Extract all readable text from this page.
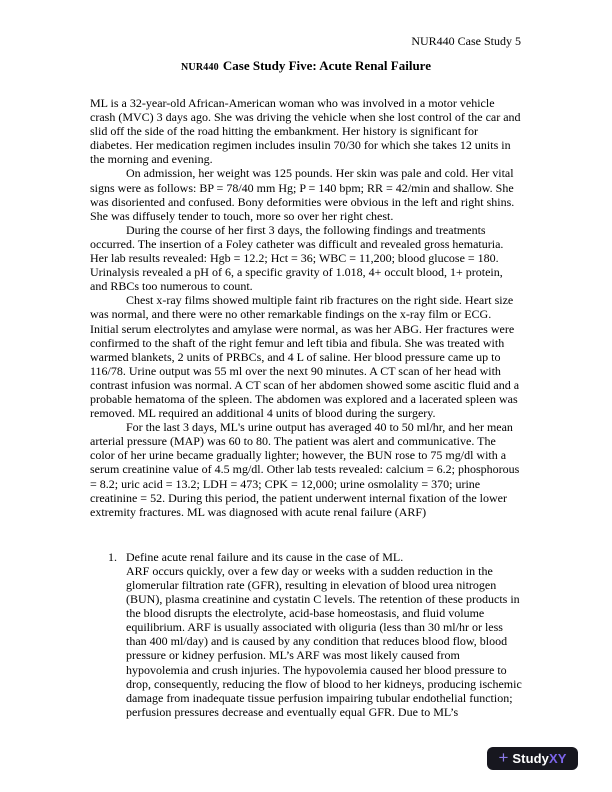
NUR440 Case Study 5
NUR440 Case Study Five: Acute Renal Failure

ML is a 32-year-old African-American woman who was involved in a motor vehicle crash (MVC) 3 days ago. She was driving the vehicle when she lost control of the car and slid off the side of the road hitting the embankment. Her history is significant for diabetes. Her medication regimen includes insulin 70/30 for which she takes 12 units in the morning and evening.

On admission, her weight was 125 pounds. Her skin was pale and cold. Her vital signs were as follows: BP = 78/40 mm Hg; P = 140 bpm; RR = 42/min and shallow. She was disoriented and confused. Bony deformities were obvious in the left and right shins. She was diffusely tender to touch, more so over her right chest.

During the course of her first 3 days, the following findings and treatments occurred. The insertion of a Foley catheter was difficult and revealed gross hematuria. Her lab results revealed: Hgb = 12.2; Hct = 36; WBC = 11,200; blood glucose = 180. Urinalysis revealed a pH of 6, a specific gravity of 1.018, 4+ occult blood, 1+ protein, and RBCs too numerous to count.

Chest x-ray films showed multiple faint rib fractures on the right side. Heart size was normal, and there were no other remarkable findings on the x-ray film or ECG. Initial serum electrolytes and amylase were normal, as was her ABG. Her fractures were confirmed to the shaft of the right femur and left tibia and fibula. She was treated with warmed blankets, 2 units of PRBCs, and 4 L of saline. Her blood pressure came up to 116/78. Urine output was 55 ml over the next 90 minutes. A CT scan of her head with contrast infusion was normal. A CT scan of her abdomen showed some ascitic fluid and a probable hematoma of the spleen. The abdomen was explored and a lacerated spleen was removed. ML required an additional 4 units of blood during the surgery.

For the last 3 days, ML's urine output has averaged 40 to 50 ml/hr, and her mean arterial pressure (MAP) was 60 to 80. The patient was alert and communicative. The color of her urine became gradually lighter; however, the BUN rose to 75 mg/dl with a serum creatinine value of 4.5 mg/dl. Other lab tests revealed: calcium = 6.2; phosphorous = 8.2; uric acid = 13.2; LDH = 473; CPK = 12,000; urine osmolality = 370; urine creatinine = 52. During this period, the patient underwent internal fixation of the lower extremity fractures. ML was diagnosed with acute renal failure (ARF)

1. Define acute renal failure and its cause in the case of ML.

ARF occurs quickly, over a few day or weeks with a sudden reduction in the glomerular filtration rate (GFR), resulting in elevation of blood urea nitrogen (BUN), plasma creatinine and cystatin C levels. The retention of these products in the blood disrupts the electrolyte, acid-base homeostasis, and fluid volume equilibrium. ARF is usually associated with oliguria (less than 30 ml/hr or less than 400 ml/day) and is caused by any condition that reduces blood flow, blood pressure or kidney perfusion. ML’s ARF was most likely caused from hypovolemia and crush injuries. The hypovolemia caused her blood pressure to drop, consequently, reducing the flow of blood to her kidneys, producing ischemic damage from inadequate tissue perfusion impairing tubular endothelial function; perfusion pressures decrease and eventually equal GFR. Due to ML’s

+ StudyXY
